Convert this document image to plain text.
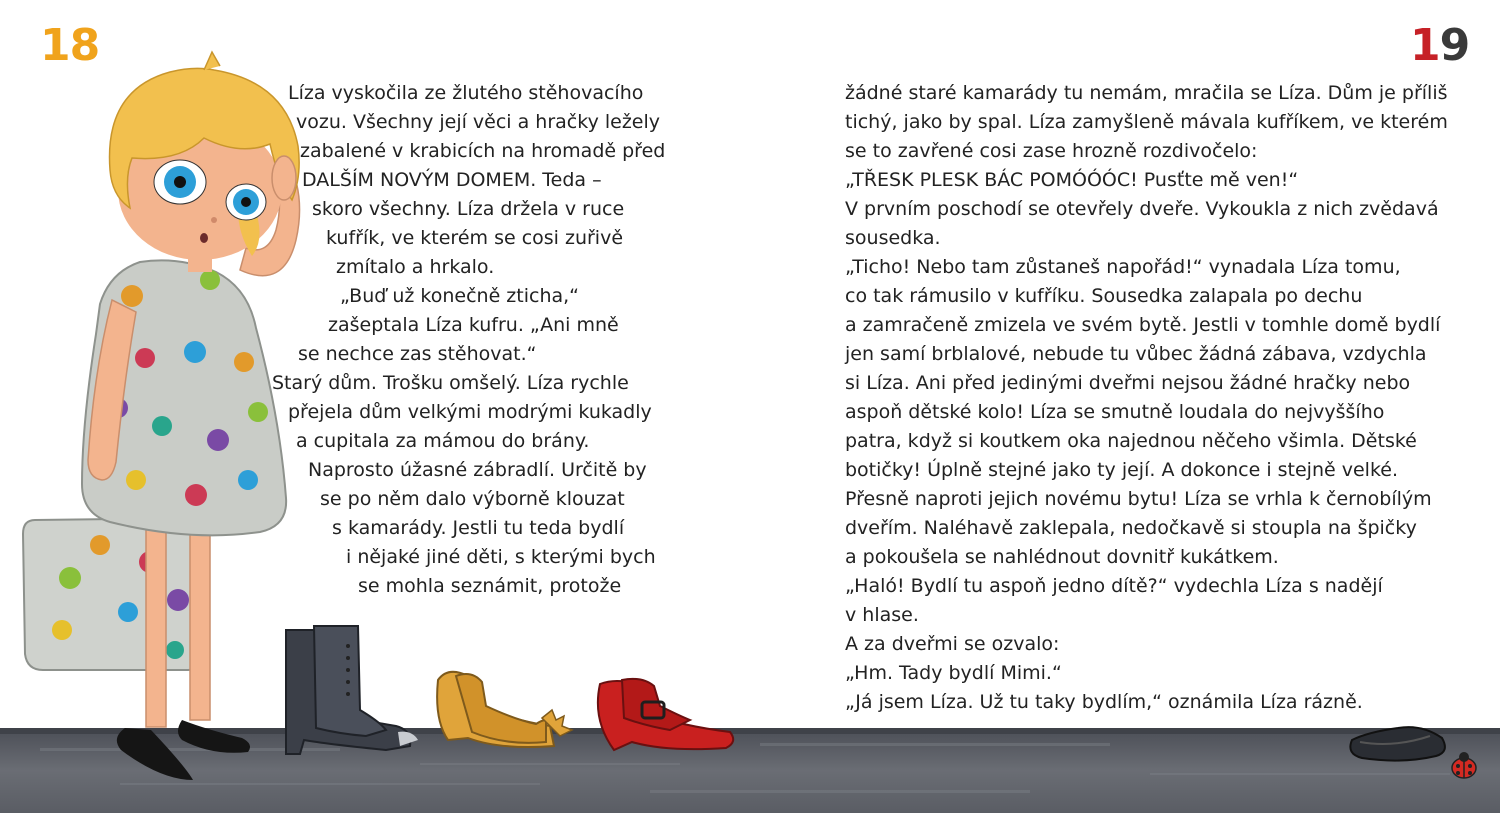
18	19
Líza vyskočila ze žlutého stěhovacího
vozu. Všechny její věci a hračky ležely
zabalené v krabicích na hromadě před
DALŠÍM NOVÝM DOMEM. Teda –
skoro všechny. Líza držela v ruce
kufřík, ve kterém se cosi zuřivě
zmítalo a hrkalo.
„Buď už konečně zticha,“
zašeptala Líza kufru. „Ani mně
se nechce zas stěhovat.“
Starý dům. Trošku omšelý. Líza rychle
přejela dům velkými modrými kukadly
a cupitala za mámou do brány.
Naprosto úžasné zábradlí. Určitě by
se po něm dalo výborně klouzat
s kamarády. Jestli tu teda bydlí
i nějaké jiné děti, s kterými bych
se mohla seznámit, protože
žádné staré kamarády tu nemám, mračila se Líza. Dům je příliš
tichý, jako by spal. Líza zamyšleně mávala kufříkem, ve kterém
se to zavřené cosi zase hrozně rozdivočelo:
„TŘESK PLESK BÁC POMÓÓÓC! Pusťte mě ven!“
V prvním poschodí se otevřely dveře. Vykoukla z nich zvědavá
sousedka.
„Ticho! Nebo tam zůstaneš napořád!“ vynadala Líza tomu,
co tak rámusilo v kufříku. Sousedka zalapala po dechu
a zamračeně zmizela ve svém bytě. Jestli v tomhle domě bydlí
jen samí brblalové, nebude tu vůbec žádná zábava, vzdychla
si Líza. Ani před jedinými dveřmi nejsou žádné hračky nebo
aspoň dětské kolo! Líza se smutně loudala do nejvyššího
patra, když si koutkem oka najednou něčeho všimla. Dětské
botičky! Úplně stejné jako ty její. A dokonce i stejně velké.
Přesně naproti jejich novému bytu! Líza se vrhla k černobílým
dveřím. Naléhavě zaklepala, nedočkavě si stoupla na špičky
a pokoušela se nahlédnout dovnitř kukátkem.
„Haló! Bydlí tu aspoň jedno dítě?“ vydechla Líza s nadějí
v hlase.
A za dveřmi se ozvalo:
„Hm. Tady bydlí Mimi.“
„Já jsem Líza. Už tu taky bydlím,“ oznámila Líza rázně.
